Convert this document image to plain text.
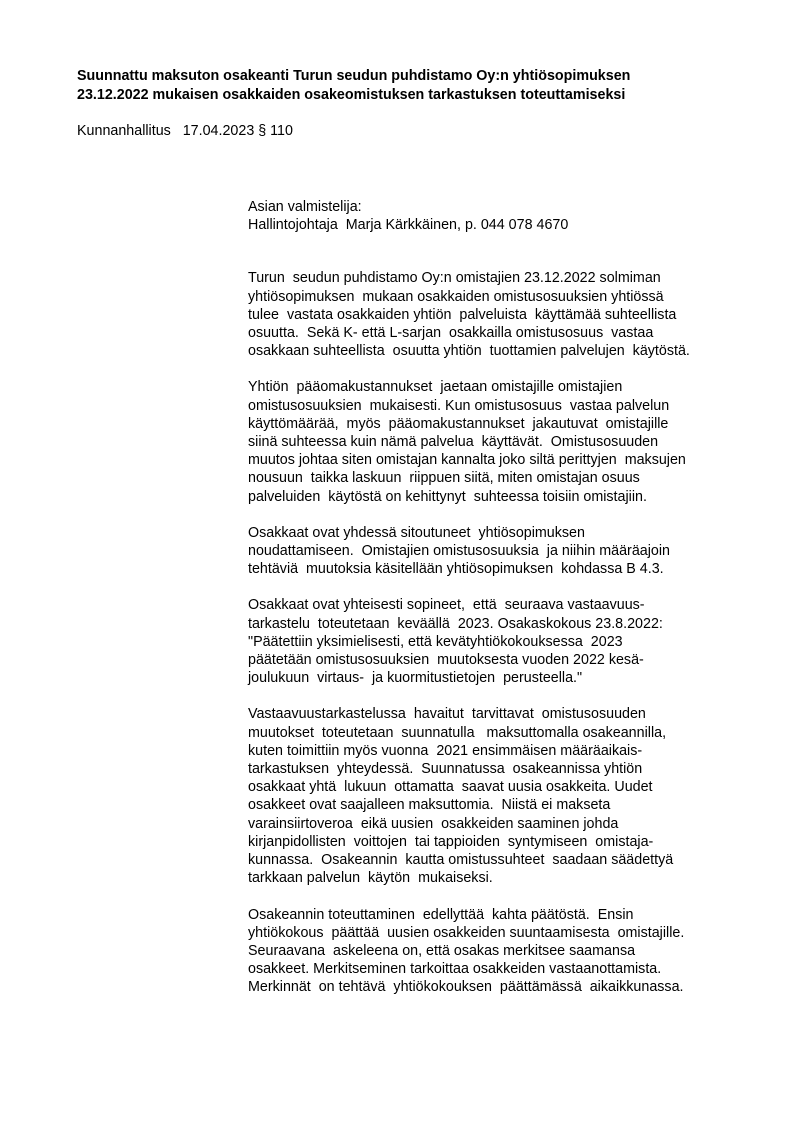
Suunnattu maksuton osakeanti Turun seudun puhdistamo Oy:n yhtiösopimuksen
23.12.2022 mukaisen osakkaiden osakeomistuksen tarkastuksen toteuttamiseksi

Kunnanhallitus   17.04.2023 § 110

Asian valmistelija:

Hallintojohtaja  Marja Kärkkäinen, p. 044 078 4670

Turun  seudun puhdistamo Oy:n omistajien 23.12.2022 solmiman
yhtiösopimuksen  mukaan osakkaiden omistusosuuksien yhtiössä
tulee  vastata osakkaiden yhtiön  palveluista  käyttämää suhteellista
osuutta.  Sekä K- että L-sarjan  osakkailla omistusosuus  vastaa
osakkaan suhteellista  osuutta yhtiön  tuottamien palvelujen  käytöstä.

Yhtiön  pääomakustannukset  jaetaan omistajille omistajien
omistusosuuksien  mukaisesti. Kun omistusosuus  vastaa palvelun
käyttömäärää,  myös  pääomakustannukset  jakautuvat  omistajille
siinä suhteessa kuin nämä palvelua  käyttävät.  Omistusosuuden
muutos johtaa siten omistajan kannalta joko siltä perittyjen  maksujen
nousuun  taikka laskuun  riippuen siitä, miten omistajan osuus
palveluiden  käytöstä on kehittynyt  suhteessa toisiin omistajiin.

Osakkaat ovat yhdessä sitoutuneet  yhtiösopimuksen
noudattamiseen.  Omistajien omistusosuuksia  ja niihin määräajoin
tehtäviä  muutoksia käsitellään yhtiösopimuksen  kohdassa B 4.3.

Osakkaat ovat yhteisesti sopineet,  että  seuraava vastaavuus-
tarkastelu  toteutetaan  keväällä  2023. Osakaskokous 23.8.2022:
"Päätettiin yksimielisesti, että kevätyhtiökokouksessa  2023
päätetään omistusosuuksien  muutoksesta vuoden 2022 kesä-
joulukuun  virtaus-  ja kuormitustietojen  perusteella."

Vastaavuustarkastelussa  havaitut  tarvittavat  omistusosuuden
muutokset  toteutetaan  suunnatulla   maksuttomalla osakeannilla,
kuten toimittiin myös vuonna  2021 ensimmäisen määräaikais-
tarkastuksen  yhteydessä.  Suunnatussa  osakeannissa yhtiön
osakkaat yhtä  lukuun  ottamatta  saavat uusia osakkeita. Uudet
osakkeet ovat saajalleen maksuttomia.  Niistä ei makseta
varainsiirtoveroa  eikä uusien  osakkeiden saaminen johda
kirjanpidollisten  voittojen  tai tappioiden  syntymiseen  omistaja-
kunnassa.  Osakeannin  kautta omistussuhteet  saadaan säädettyä
tarkkaan palvelun  käytön  mukaiseksi.

Osakeannin toteuttaminen  edellyttää  kahta päätöstä.  Ensin
yhtiökokous  päättää  uusien osakkeiden suuntaamisesta  omistajille.
Seuraavana  askeleena on, että osakas merkitsee saamansa
osakkeet. Merkitseminen tarkoittaa osakkeiden vastaanottamista.
Merkinnät  on tehtävä  yhtiökokouksen  päättämässä  aikaikkunassa.
